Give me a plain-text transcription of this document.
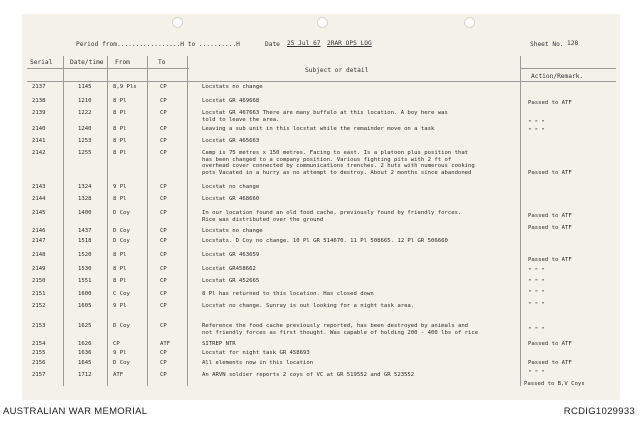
Period from.................H to ..........H	Date 25 Jul 67 2RAR OPS LOG	Sheet No. 128
Serial	Date/time From	To
Subject or detail
Action/Remark.
2137	1145	8,9 Pls	CP	Locstats no change
2138	1210	8 Pl	CP	Locstat GR 469668	Passed to ATF
2139	1222	8 Pl	CP	Locstat GR 467663 There are many buffalo at this location. A boy here was
told to leave the area.
" " "
2140	1240	8 Pl	CP	Leaving a sub unit in this locstat while the remainder move on a task	" " "
2141	1253	8 Pl	CP	Locstat GR 465663
2142	1255	8 Pl	CP	Camp is 75 metres x 150 metres. Facing to east. Is a platoon plus position that
has been changed to a company position. Various fighting pits with 2 ft of
overhead cover connected by communications trenches. 2 huts with numerous cooking
pots Vacated in a hurry as no attempt to destroy. About 2 months since abandoned	Passed to ATF
2143	1324	9 Pl	CP	Locstat no change
2144	1328	8 Pl	CP	Locstat GR 468660
2145	1400	D Coy	CP	In our location found an old food cache, previously found by friendly forces.
Rice was distributed over the ground
Passed to ATF
2146	1437	D Coy	CP	Locstats no change	Passed to ATF
2147	1518	D Coy	CP	Locstats. D Coy no change. 10 Pl GR 514670. 11 Pl 508665. 12 Pl GR 506660
2148	1520	8 Pl	CP	Locstat GR 463659
Passed to ATF
2149	1530	8 Pl	CP	Locstat GR458662	" " "
2150	1551	8 Pl	CP	Locstat GR 452665	" " "
2151	1600	C Coy	CP	8 Pl has returned to this location. Has closed down	" " "
2152	1605	9 Pl	CP	Locstat no change. Sunray is out looking for a night task area.	" " "
2153	1625	D Coy	CP	Reference the food cache previously reported, has been destroyed by animals and
not friendly forces as first thought. Was capable of holding 200 - 400 lbs of rice	" " "
2154	1626	CP	ATF	SITREP NTR	Passed to ATF
2155	1636	9 Pl	CP	Locstat for night task GR 458693
2156	1645	D Coy	CP	All elements now in this location	Passed to ATF
2157	1712	ATF	CP	An ARVN soldier reports 2 coys of VC at GR 519552 and GR 523552	" " "
Passed to B,V Coys
AUSTRALIAN WAR MEMORIAL	RCDIG1029933
